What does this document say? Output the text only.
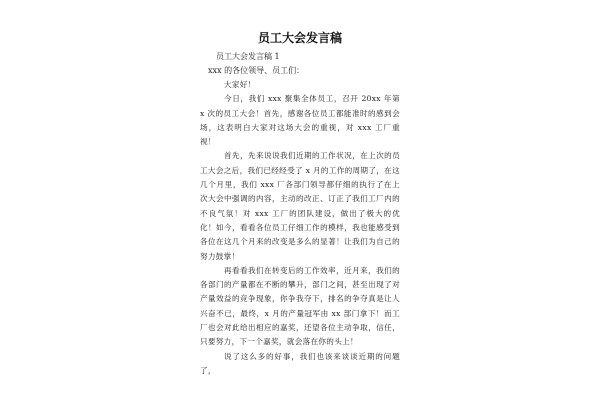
员工大会发言稿

员工大会发言稿 1

xxx 的各位领导、员工们：

大家好！

今日，我们 xxx 聚集全体员工，召开 20xx 年第 x 次的员工大会！首先，感谢各位员工都能准时的感到会场，这表明白大家对这场大会的重视，对 xxx 工厂重视！

首先，先来说说我们近期的工作状况，在上次的员工大会之后，我们已经经受了 x 月的工作的周期了，在这几个月里，我们 xxx 厂各部门领导都仔细的执行了在上次大会中强调的内容，主动的改正、订正了我们工厂内的不良气氛！对 xxx 工厂的团队建设，做出了极大的优化！如今，看看各位员工仔细工作的模样，我也能感受到各位在这几个月来的改变是多么的显著！让我们为自己的努力鼓掌！

再看看我们在转变后的工作效率，近月来，我们的各部门的产量都在不断的攀升，部门之间，甚至出现了对产量效益的竞争现象，你争我夺下，排名的争夺真是让人兴奋不已，最终，x 月的产量冠军由 xx 部门拿下！而工厂也会对此给出相应的嘉奖，还望各位主动争取，信任，只要努力，下一个嘉奖，就会落在你的头上！

说了这么多的好事，我们也该来谈谈近期的问题了，
